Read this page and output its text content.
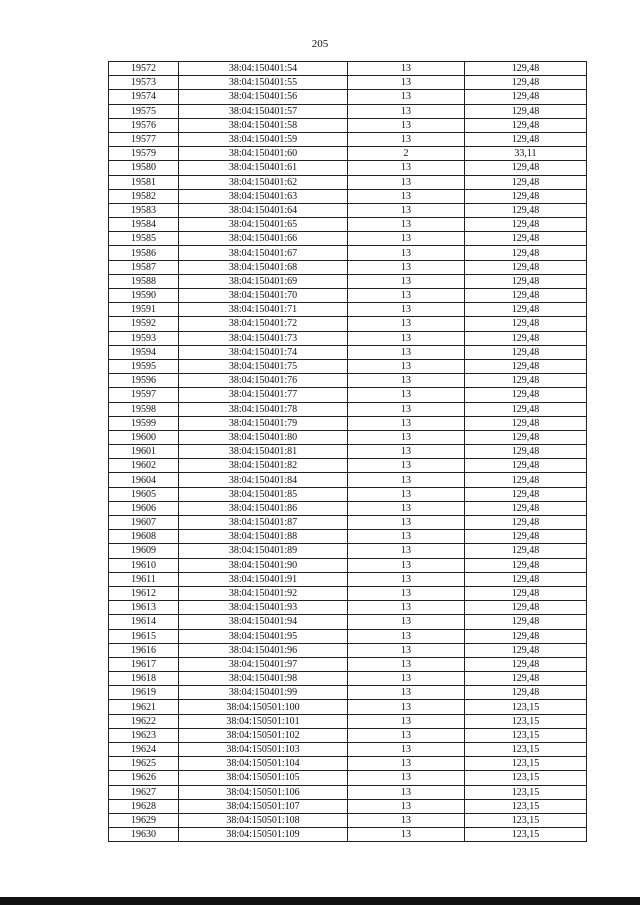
205
19572	38:04:150401:54	13	129,48
19573	38:04:150401:55	13	129,48
19574	38:04:150401:56	13	129,48
19575	38:04:150401:57	13	129,48
19576	38:04:150401:58	13	129,48
19577	38:04:150401:59	13	129,48
19579	38:04:150401:60	2	33,11
19580	38:04:150401:61	13	129,48
19581	38:04:150401:62	13	129,48
19582	38:04:150401:63	13	129,48
19583	38:04:150401:64	13	129,48
19584	38:04:150401:65	13	129,48
19585	38:04:150401:66	13	129,48
19586	38:04:150401:67	13	129,48
19587	38:04:150401:68	13	129,48
19588	38:04:150401:69	13	129,48
19590	38:04:150401:70	13	129,48
19591	38:04:150401:71	13	129,48
19592	38:04:150401:72	13	129,48
19593	38:04:150401:73	13	129,48
19594	38:04:150401:74	13	129,48
19595	38:04:150401:75	13	129,48
19596	38:04:150401:76	13	129,48
19597	38:04:150401:77	13	129,48
19598	38:04:150401:78	13	129,48
19599	38:04:150401:79	13	129,48
19600	38:04:150401:80	13	129,48
19601	38:04:150401:81	13	129,48
19602	38:04:150401:82	13	129,48
19604	38:04:150401:84	13	129,48
19605	38:04:150401:85	13	129,48
19606	38:04:150401:86	13	129,48
19607	38:04:150401:87	13	129,48
19608	38:04:150401:88	13	129,48
19609	38:04:150401:89	13	129,48
19610	38:04:150401:90	13	129,48
19611	38:04:150401:91	13	129,48
19612	38:04:150401:92	13	129,48
19613	38:04:150401:93	13	129,48
19614	38:04:150401:94	13	129,48
19615	38:04:150401:95	13	129,48
19616	38:04:150401:96	13	129,48
19617	38:04:150401:97	13	129,48
19618	38:04:150401:98	13	129,48
19619	38:04:150401:99	13	129,48
19621	38:04:150501:100	13	123,15
19622	38:04:150501:101	13	123,15
19623	38:04:150501:102	13	123,15
19624	38:04:150501:103	13	123,15
19625	38:04:150501:104	13	123,15
19626	38:04:150501:105	13	123,15
19627	38:04:150501:106	13	123,15
19628	38:04:150501:107	13	123,15
19629	38:04:150501:108	13	123,15
19630	38:04:150501:109	13	123,15
